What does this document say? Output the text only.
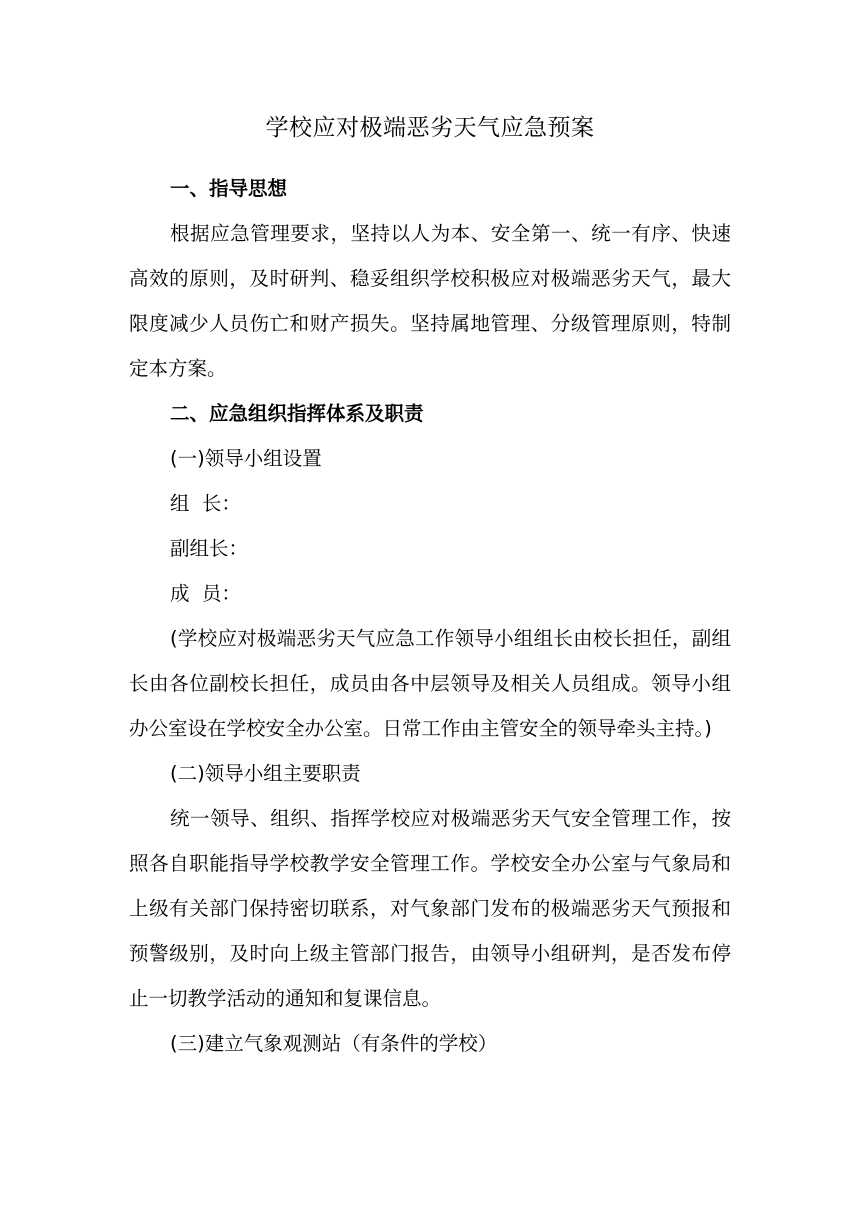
学校应对极端恶劣天气应急预案

一、指导思想

根据应急管理要求，坚持以人为本、安全第一、统一有序、快速高效的原则，及时研判、稳妥组织学校积极应对极端恶劣天气，最大限度减少人员伤亡和财产损失。坚持属地管理、分级管理原则，特制定本方案。

二、应急组织指挥体系及职责

(一)领导小组设置

组  长：

副组长：

成  员：

(学校应对极端恶劣天气应急工作领导小组组长由校长担任，副组长由各位副校长担任，成员由各中层领导及相关人员组成。领导小组办公室设在学校安全办公室。日常工作由主管安全的领导牵头主持。)

(二)领导小组主要职责

统一领导、组织、指挥学校应对极端恶劣天气安全管理工作，按照各自职能指导学校教学安全管理工作。学校安全办公室与气象局和上级有关部门保持密切联系，对气象部门发布的极端恶劣天气预报和预警级别，及时向上级主管部门报告，由领导小组研判，是否发布停止一切教学活动的通知和复课信息。

(三)建立气象观测站（有条件的学校）
